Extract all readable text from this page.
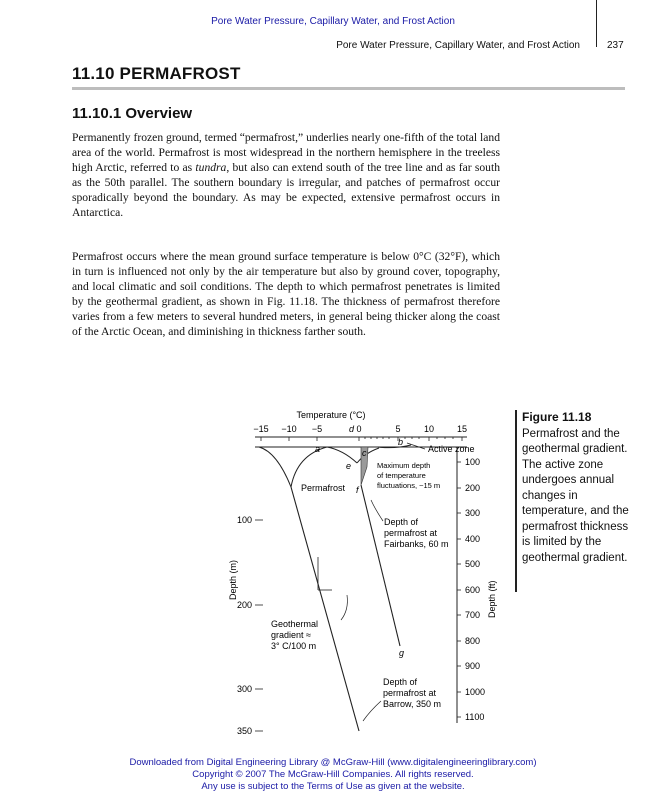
Pore Water Pressure, Capillary Water, and Frost Action
Pore Water Pressure, Capillary Water, and Frost Action	237
11.10 PERMAFROST
11.10.1 Overview
Permanently frozen ground, termed “permafrost,” underlies nearly one-fifth of the total land area of the world. Permafrost is most widespread in the northern hemisphere in the treeless high Arctic, referred to as tundra, but also can extend south of the tree line and as far south as the 50th parallel. The southern boundary is irregular, and patches of permafrost occur sporadically beyond the boundary. As may be expected, extensive permafrost occurs in Antarctica.
Permafrost occurs where the mean ground surface temperature is below 0°C (32°F), which in turn is influenced not only by the air temperature but also by ground cover, topography, and local climatic and soil conditions. The depth to which permafrost penetrates is limited by the geothermal gradient, as shown in Fig. 11.18. The thickness of permafrost therefore varies from a few meters to several hundred meters, in general being thicker along the coast of the Arctic Ocean, and diminishing in thickness farther south.
Temperature (°C)
−15 −10 −5	0	5	10	15
d
100
200
300
400
500
600
700
800
900
1000
1100
Depth (ft)
100
200
300
350
Depth (m)
a
b
c
e
f
g
Active zone
Maximum depth
of temperature
fluctuations, ~15 m
Permafrost
Depth of
permafrost at
Fairbanks, 60 m
Geothermal
gradient ≈
3° C/100 m
Depth of
permafrost at
Barrow, 350 m
Figure 11.18
Permafrost and the geothermal gradient. The active zone undergoes annual changes in temperature, and the permafrost thickness is limited by the geothermal gradient.
Downloaded from Digital Engineering Library @ McGraw-Hill (www.digitalengineeringlibrary.com)
Copyright © 2007 The McGraw-Hill Companies. All rights reserved.
Any use is subject to the Terms of Use as given at the website.
